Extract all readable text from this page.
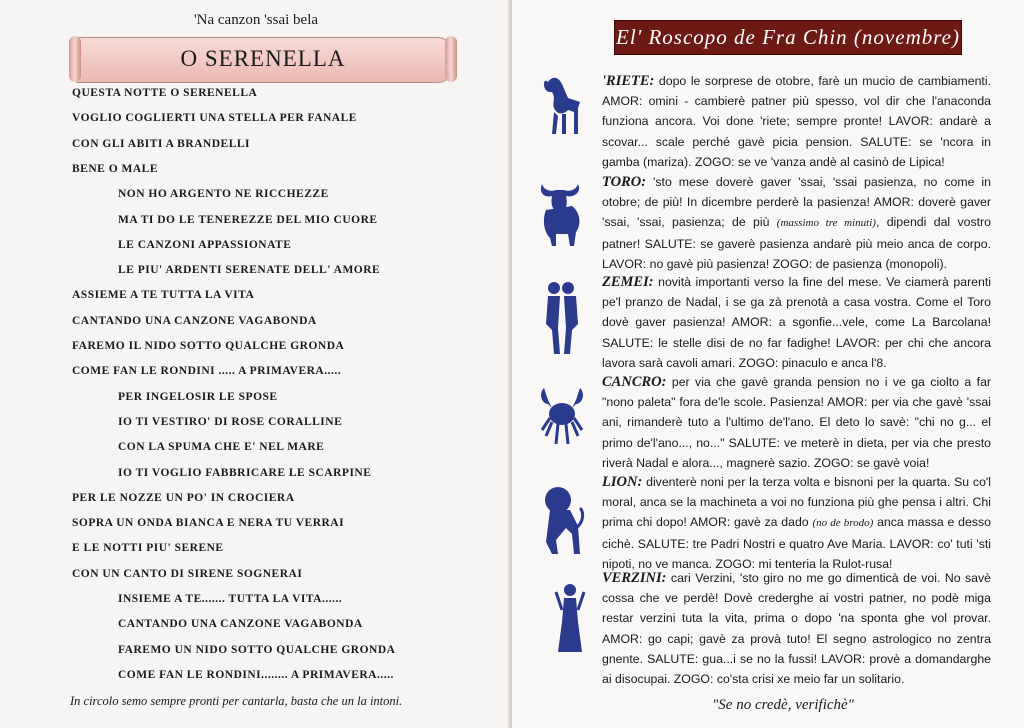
'Na canzon 'ssai bela
O SERENELLA
QUESTA NOTTE O SERENELLA
VOGLIO COGLIERTI UNA STELLA PER FANALE
CON GLI ABITI A BRANDELLI
BENE O MALE
NON HO ARGENTO NE RICCHEZZE
MA TI DO LE TENEREZZE DEL MIO CUORE
LE CANZONI APPASSIONATE
LE PIU' ARDENTI SERENATE DELL' AMORE
ASSIEME A TE TUTTA LA VITA
CANTANDO UNA CANZONE VAGABONDA
FAREMO IL NIDO SOTTO QUALCHE GRONDA
COME FAN LE RONDINI ..... A PRIMAVERA.....
PER INGELOSIR LE SPOSE
IO TI VESTIRO' DI ROSE CORALLINE
CON LA SPUMA CHE E' NEL MARE
IO TI VOGLIO FABBRICARE LE SCARPINE
PER LE NOZZE UN PO' IN CROCIERA
SOPRA UN ONDA BIANCA E NERA TU VERRAI
E LE NOTTI PIU' SERENE
CON UN CANTO DI SIRENE SOGNERAI
INSIEME A TE....... TUTTA LA VITA......
CANTANDO UNA CANZONE VAGABONDA
FAREMO UN NIDO SOTTO QUALCHE GRONDA
COME FAN LE RONDINI........ A PRIMAVERA.....
In circolo semo sempre pronti per cantarla, basta che un la intoni.
El' Roscopo de Fra Chin (novembre)
'RIETE: dopo le sorprese de otobre, farè un mucio de cambiamenti. AMOR: omini - cambierè patner più spesso, vol dir che l'anaconda funziona ancora. Voi done 'riete; sempre pronte! LAVOR: andarè a scovar... scale perché gavè picia pension. SALUTE: se 'ncora in gamba (mariza). ZOGO: se ve 'vanza andè al casinò de Lipica!
TORO: 'sto mese doverè gaver 'ssai, 'ssai pasienza, no come in otobre; de più! In dicembre perderè la pasienza! AMOR: doverè gaver 'ssai, 'ssai, pasienza; de più (massimo tre minuti), dipendi dal vostro patner! SALUTE: se gaverè pasienza andarè più meio anca de corpo. LAVOR: no gavè più pasienza! ZOGO: de pasienza (monopoli).
ZEMEI: novità importanti verso la fine del mese. Ve ciamerà parenti pe'l pranzo de Nadal, i se ga zà prenotà a casa vostra. Come el Toro dovè gaver pasienza! AMOR: a sgonfie...vele, come La Barcolana! SALUTE: le stelle disi de no far fadighe! LAVOR: per chi che ancora lavora sarà cavoli amari. ZOGO: pinaculo e anca l'8.
CANCRO: per via che gavè granda pension no i ve ga ciolto a far "nono paleta" fora de'le scole. Pasienza! AMOR: per via che gavè 'ssai ani, rimanderè tuto a l'ultimo de'l'ano. El deto lo savè: "chi no g... el primo de'l'ano..., no..." SALUTE: ve meterè in dieta, per via che presto riverà Nadal e alora..., magnerè sazio. ZOGO: se gavè voia!
LION: diventerè noni per la terza volta e bisnoni per la quarta. Su co'l moral, anca se la machineta a voi no funziona più ghe pensa i altri. Chi prima chi dopo! AMOR: gavè za dado (no de brodo) anca massa e desso cichè. SALUTE: tre Padri Nostri e quatro Ave Maria. LAVOR: co' tuti 'sti nipoti, no ve manca. ZOGO: mi tenteria la Rulot-rusa!
VERZINI: cari Verzini, 'sto giro no me go dimenticà de voi. No savè cossa che ve perdè! Dovè crederghe ai vostri patner, no podè miga restar verzini tuta la vita, prima o dopo 'na sponta ghe vol provar. AMOR: go capi; gavè za provà tuto! El segno astrologico no zentra gnente. SALUTE: gua...i se no la fussi! LAVOR: provè a domandarghe ai disocupai. ZOGO: co'sta crisi xe meio far un solitario.
"Se no credè, verifichè"
